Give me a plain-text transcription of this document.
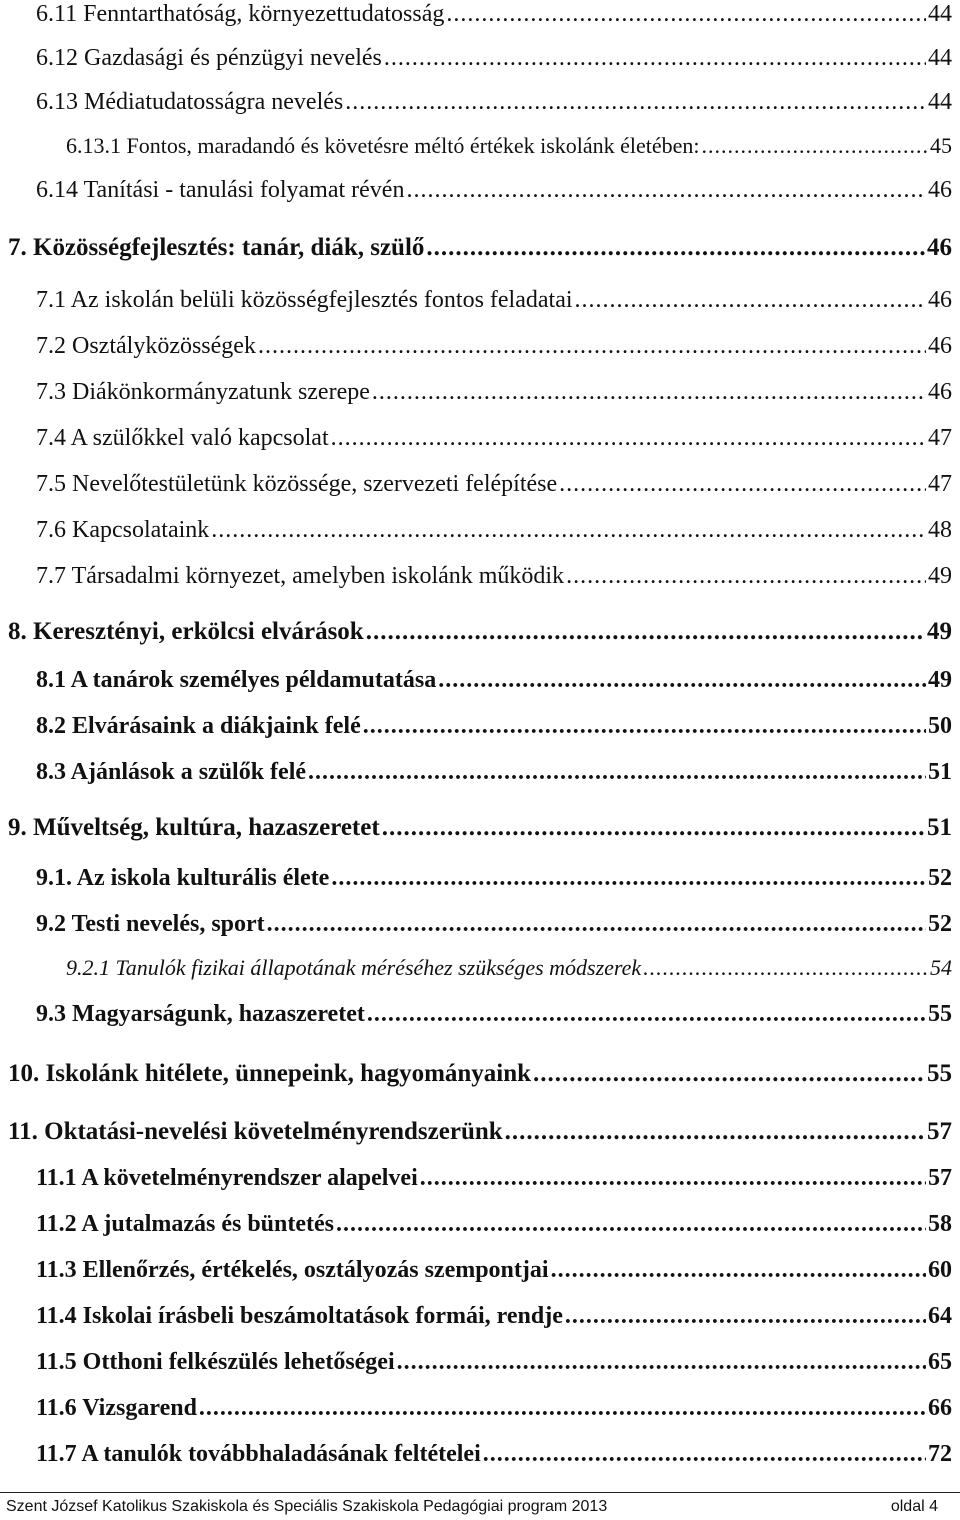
6.11 Fenntarthatóság, környezettudatosság .....	44
6.12 Gazdasági és pénzügyi nevelés .....	44
6.13 Médiatudatosságra nevelés .....	44
6.13.1 Fontos, maradandó és követésre méltó értékek iskolánk életében: .....	45
6.14 Tanítási - tanulási folyamat révén .....	46
7. Közösségfejlesztés: tanár, diák, szülő .....	46
7.1 Az iskolán belüli közösségfejlesztés fontos feladatai .....	46
7.2 Osztályközösségek .....	46
7.3 Diákönkormányzatunk szerepe .....	46
7.4 A szülőkkel való kapcsolat .....	47
7.5 Nevelőtestületünk közössége, szervezeti felépítése .....	47
7.6 Kapcsolataink .....	48
7.7 Társadalmi környezet, amelyben iskolánk működik .....	49
8. Keresztényi, erkölcsi elvárások .....	49
8.1 A tanárok személyes példamutatása .....	49
8.2 Elvárásaink a diákjaink felé .....	50
8.3 Ajánlások a szülők felé .....	51
9. Műveltség, kultúra, hazaszeretet .....	51
9.1. Az iskola kulturális élete .....	52
9.2 Testi nevelés, sport .....	52
9.2.1 Tanulók fizikai állapotának méréséhez szükséges módszerek .....	54
9.3 Magyarságunk, hazaszeretet .....	55
10. Iskolánk hitélete, ünnepeink, hagyományaink .....	55
11. Oktatási-nevelési követelményrendszerünk .....	57
11.1 A követelményrendszer alapelvei .....	57
11.2 A jutalmazás és büntetés .....	58
11.3 Ellenőrzés, értékelés, osztályozás szempontjai .....	60
11.4 Iskolai írásbeli beszámoltatások formái, rendje .....	64
11.5 Otthoni felkészülés lehetőségei .....	65
11.6 Vizsgarend .....	66
11.7 A tanulók továbbhaladásának feltételei .....	72
Szent József Katolikus Szakiskola és Speciális Szakiskola Pedagógiai program 2013	oldal 4
